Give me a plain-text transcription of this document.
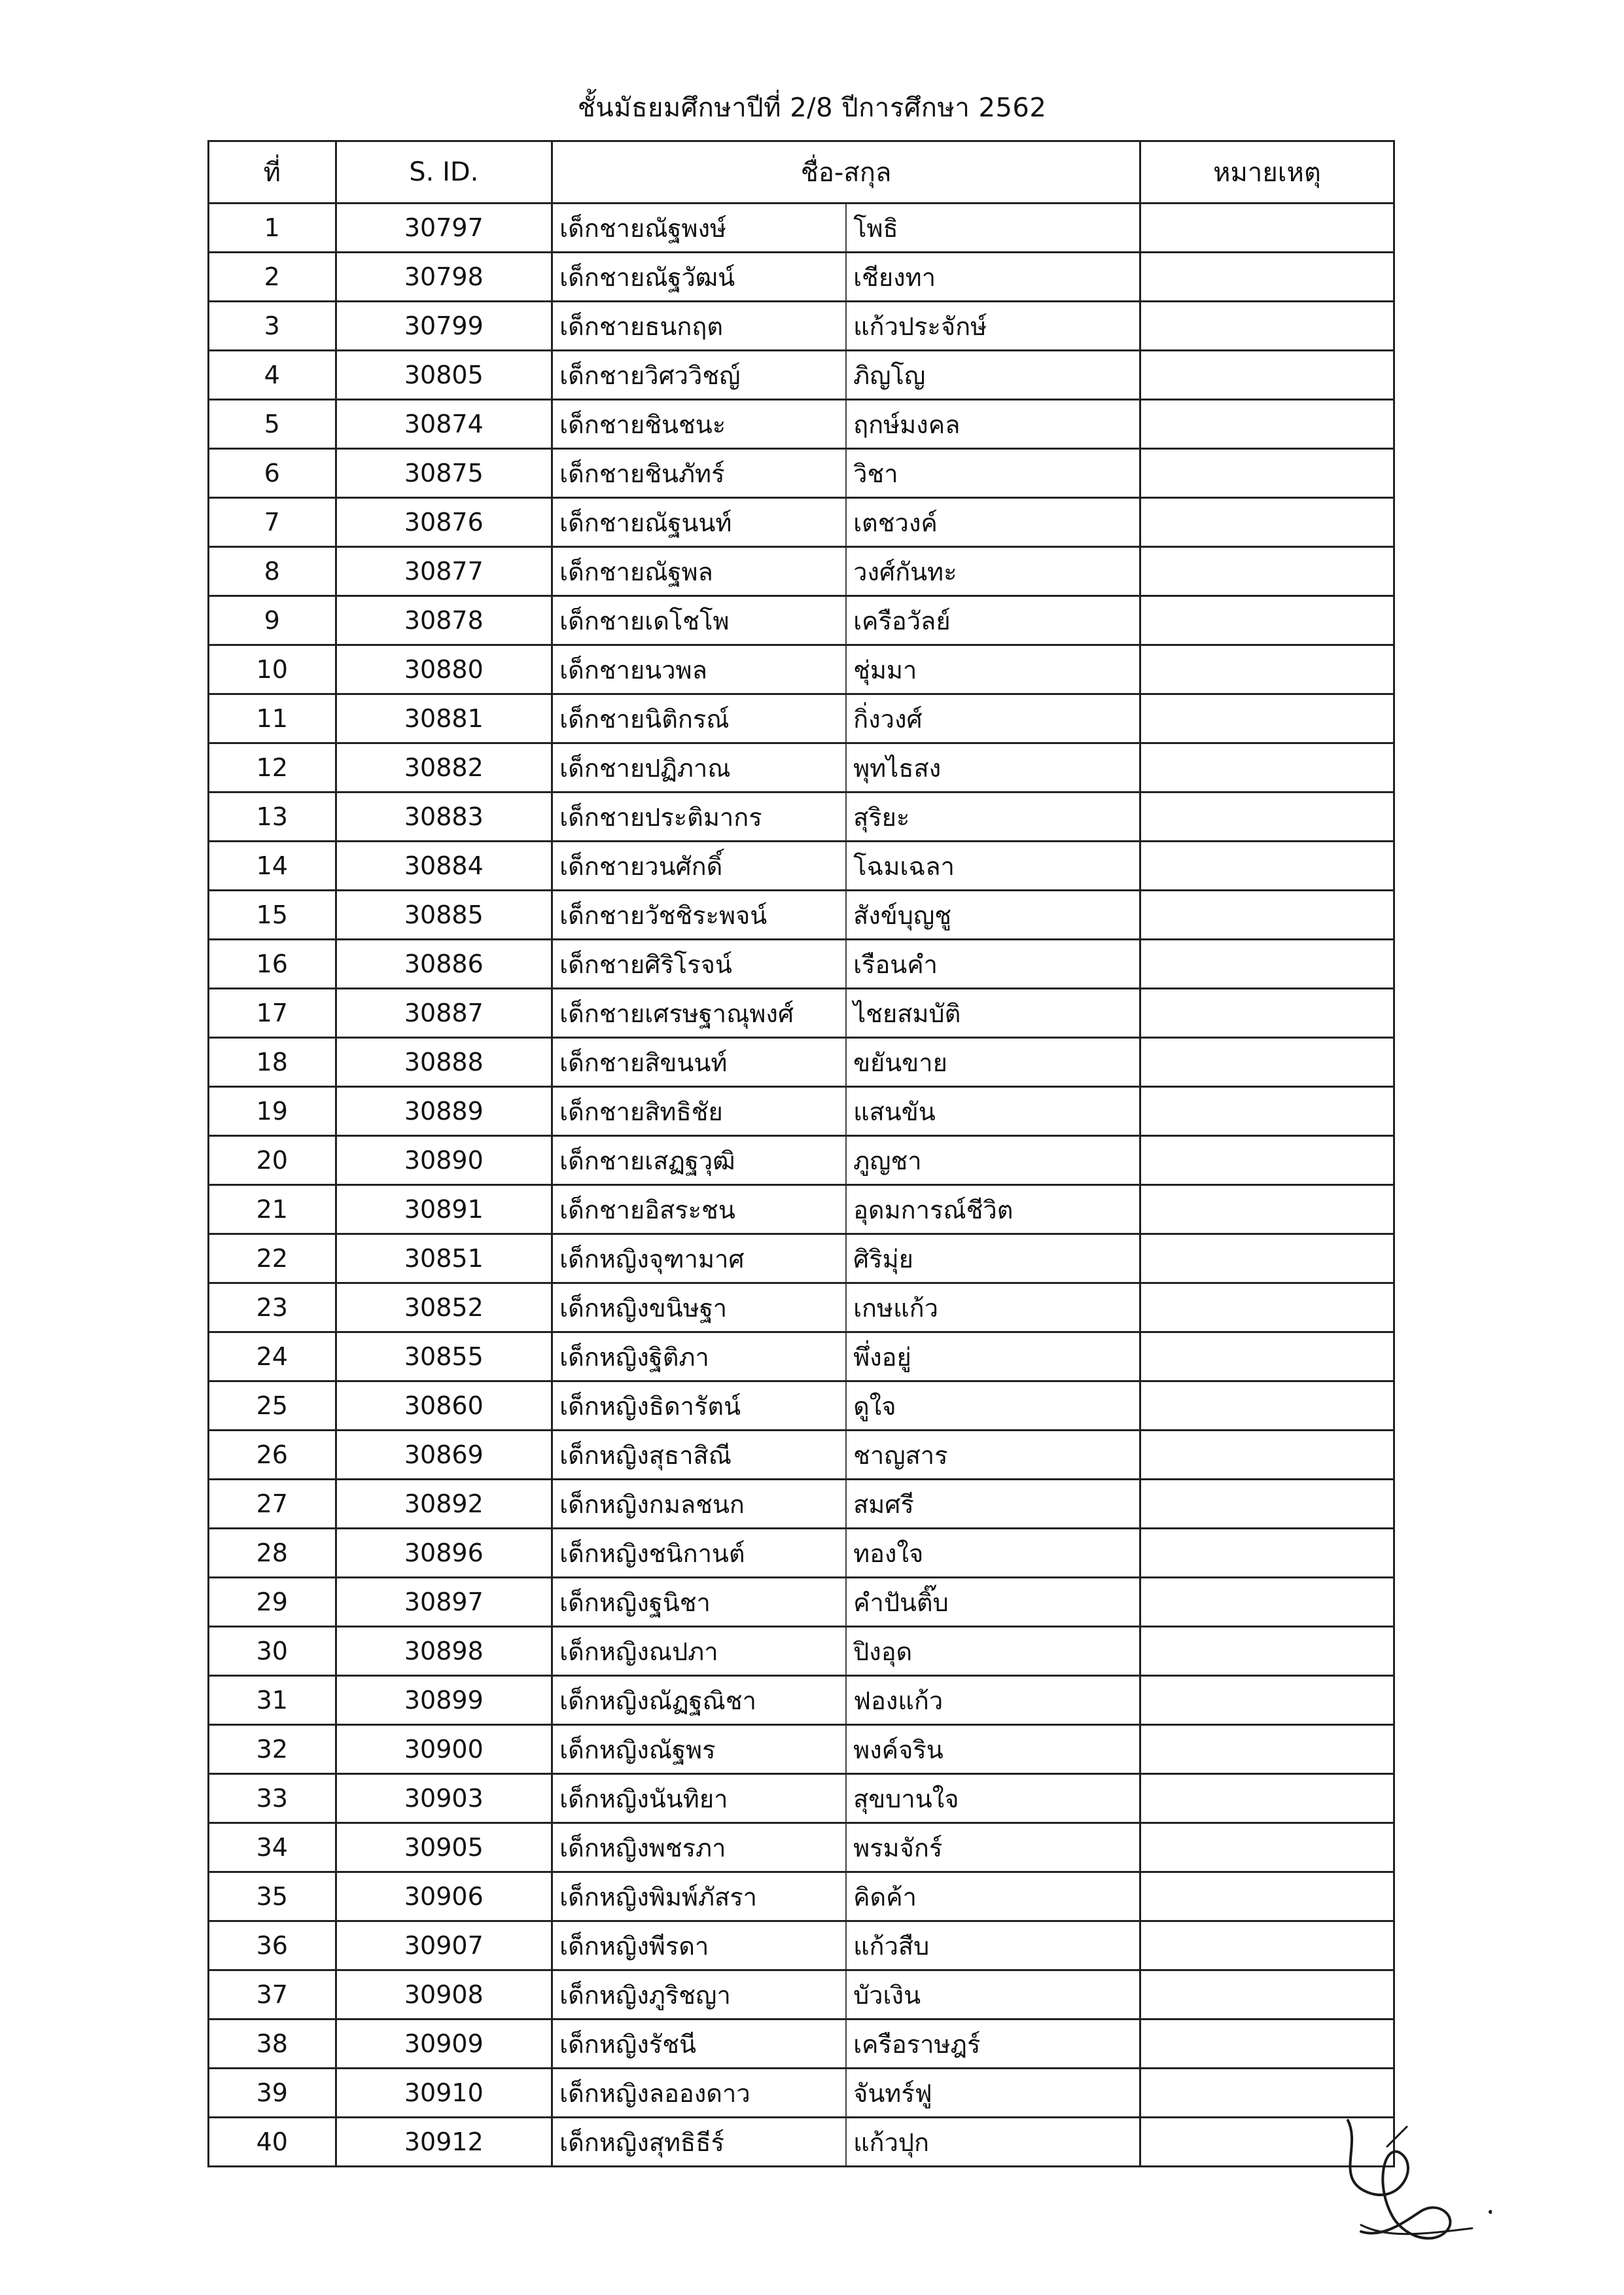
ชั้นมัธยมศึกษาปีที่ 2/8 ปีการศึกษา 2562
ที่	S. ID.	ชื่อ-สกุล		หมายเหตุ
1	30797	เด็กชายณัฐพงษ์	โพธิ	
2	30798	เด็กชายณัฐวัฒน์	เชียงทา	
3	30799	เด็กชายธนกฤต	แก้วประจักษ์	
4	30805	เด็กชายวิศววิชญ์	ภิญโญ	
5	30874	เด็กชายชินชนะ	ฤกษ์มงคล	
6	30875	เด็กชายชินภัทร์	วิชา	
7	30876	เด็กชายณัฐนนท์	เตชวงค์	
8	30877	เด็กชายณัฐพล	วงศ์กันทะ	
9	30878	เด็กชายเดโชโพ	เครือวัลย์	
10	30880	เด็กชายนวพล	ชุ่มมา	
11	30881	เด็กชายนิติกรณ์	กิ่งวงศ์	
12	30882	เด็กชายปฏิภาณ	พุทไธสง	
13	30883	เด็กชายประติมากร	สุริยะ	
14	30884	เด็กชายวนศักดิ์	โฉมเฉลา	
15	30885	เด็กชายวัชชิระพจน์	สังข์บุญชู	
16	30886	เด็กชายศิริโรจน์	เรือนคำ	
17	30887	เด็กชายเศรษฐาณุพงศ์	ไชยสมบัติ	
18	30888	เด็กชายสิขนนท์	ขยันขาย	
19	30889	เด็กชายสิทธิชัย	แสนขัน	
20	30890	เด็กชายเสฏฐวุฒิ	ภูญชา	
21	30891	เด็กชายอิสระชน	อุดมการณ์ชีวิต	
22	30851	เด็กหญิงจุฑามาศ	ศิริมุ่ย	
23	30852	เด็กหญิงขนิษฐา	เกษแก้ว	
24	30855	เด็กหญิงฐิติภา	พึ่งอยู่	
25	30860	เด็กหญิงธิดารัตน์	ดูใจ	
26	30869	เด็กหญิงสุธาสิณี	ชาญสาร	
27	30892	เด็กหญิงกมลชนก	สมศรี	
28	30896	เด็กหญิงชนิกานต์	ทองใจ	
29	30897	เด็กหญิงฐนิชา	คำปันติ๊บ	
30	30898	เด็กหญิงณปภา	ปิงอุด	
31	30899	เด็กหญิงณัฏฐณิชา	ฟองแก้ว	
32	30900	เด็กหญิงณัฐพร	พงค์จริน	
33	30903	เด็กหญิงนันทิยา	สุขบานใจ	
34	30905	เด็กหญิงพชรภา	พรมจักร์	
35	30906	เด็กหญิงพิมพ์ภัสรา	คิดค้า	
36	30907	เด็กหญิงพีรดา	แก้วสืบ	
37	30908	เด็กหญิงภูริชญา	บัวเงิน	
38	30909	เด็กหญิงรัชนี	เครือราษฎร์	
39	30910	เด็กหญิงลอองดาว	จันทร์ฟู	
40	30912	เด็กหญิงสุทธิธีร์	แก้วปุก	
